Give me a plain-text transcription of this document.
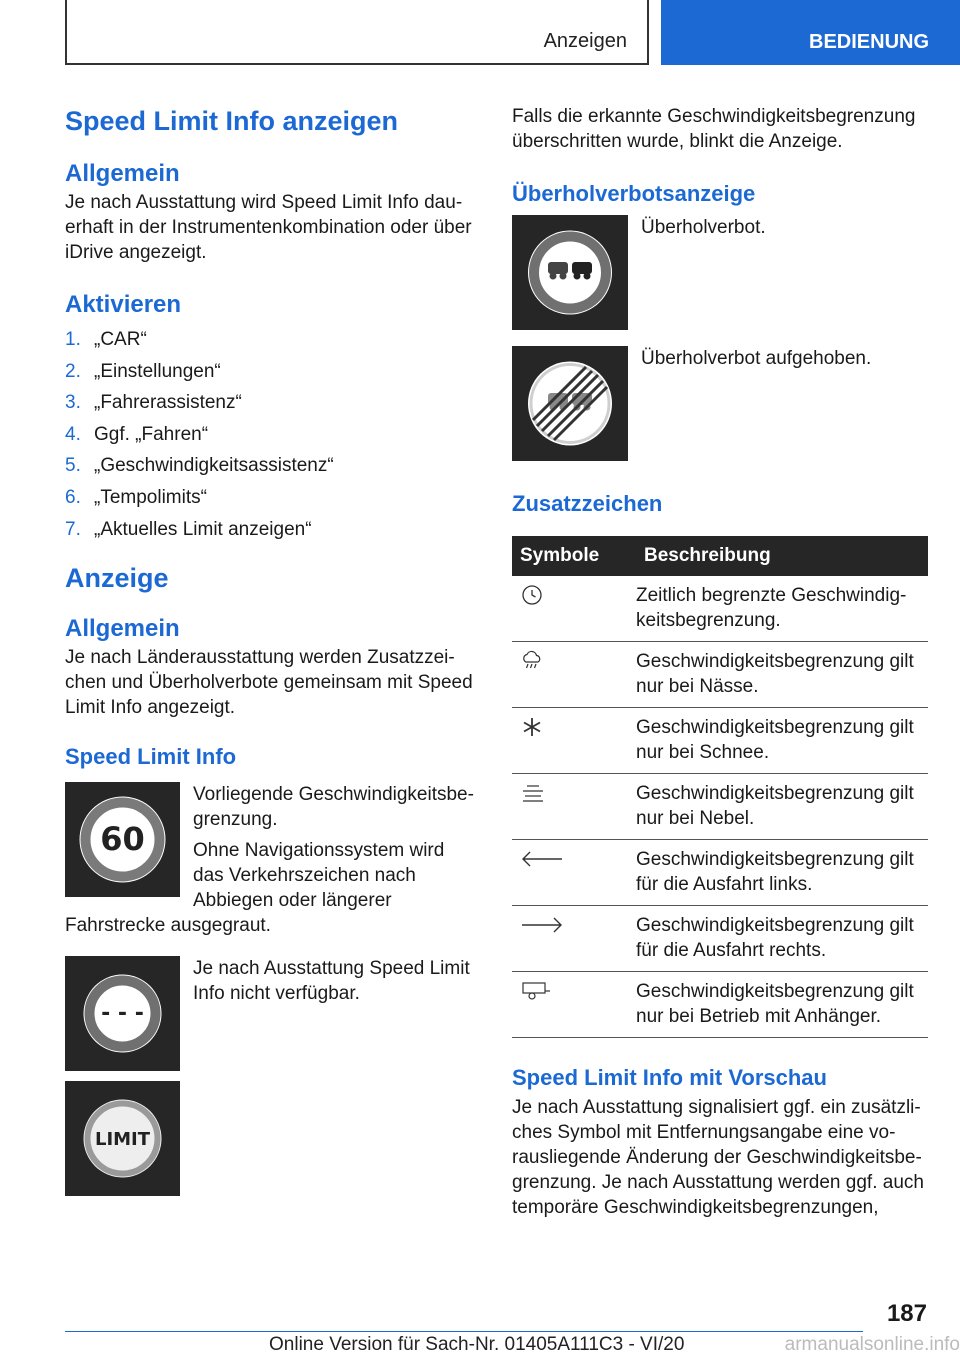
Anzeigen	BEDIENUNG
Speed Limit Info anzeigen
Allgemein

Je nach Ausstattung wird Speed Limit Info dauerhaft in der Instrumentenkombination oder über iDrive angezeigt.

Aktivieren
1. „CAR“
2. „Einstellungen“
3. „Fahrerassistenz“
4. Ggf. „Fahren“
5. „Geschwindigkeitsassistenz“
6. „Tempolimits“
7. „Aktuelles Limit anzeigen“
Anzeige
Allgemein

Je nach Länderausstattung werden Zusatzzeichen und Überholverbote gemeinsam mit Speed Limit Info angezeigt.

Speed Limit Info
60

Vorliegende Geschwindigkeitsbegrenzung.

Ohne Navigationssystem wird das Verkehrszeichen nach Abbiegen oder längerer Fahrstrecke ausgegraut.

- - -

Je nach Ausstattung Speed Limit Info nicht verfügbar.

LIMIT

Falls die erkannte Geschwindigkeitsbegrenzung überschritten wurde, blinkt die Anzeige.

Überholverbotsanzeige

Überholverbot.

Überholverbot aufgehoben.

Zusatzzeichen
Symbole	Beschreibung
	Zeitlich begrenzte Geschwindigkeitsbegrenzung.
	Geschwindigkeitsbegrenzung gilt nur bei Nässe.
	Geschwindigkeitsbegrenzung gilt nur bei Schnee.
	Geschwindigkeitsbegrenzung gilt nur bei Nebel.
	Geschwindigkeitsbegrenzung gilt für die Ausfahrt links.
	Geschwindigkeitsbegrenzung gilt für die Ausfahrt rechts.
	Geschwindigkeitsbegrenzung gilt nur bei Betrieb mit Anhänger.
Speed Limit Info mit Vorschau

Je nach Ausstattung signalisiert ggf. ein zusätzliches Symbol mit Entfernungsangabe eine vorausliegende Änderung der Geschwindigkeitsbegrenzung. Je nach Ausstattung werden ggf. auch temporäre Geschwindigkeitsbegrenzungen,

187
Online Version für Sach-Nr. 01405A111C3 - VI/20	armanualsonline.info
